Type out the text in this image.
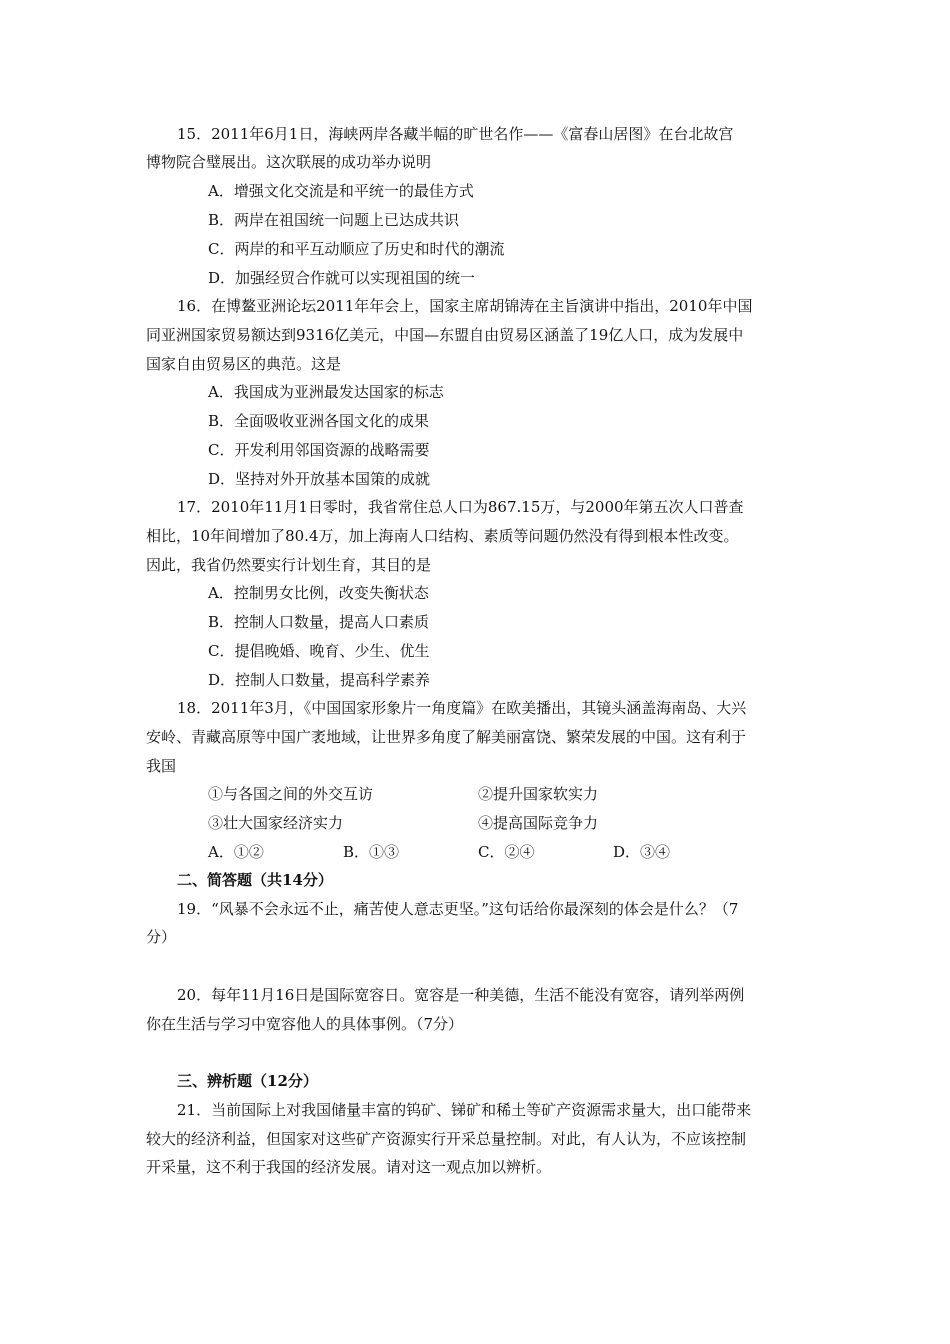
15．2011年6月1日，海峡两岸各藏半幅的旷世名作——《富春山居图》在台北故宫
博物院合璧展出。这次联展的成功举办说明
A．增强文化交流是和平统一的最佳方式
B．两岸在祖国统一问题上已达成共识
C．两岸的和平互动顺应了历史和时代的潮流
D．加强经贸合作就可以实现祖国的统一
16．在博鳌亚洲论坛2011年年会上，国家主席胡锦涛在主旨演讲中指出，2010年中国
同亚洲国家贸易额达到9316亿美元，中国—东盟自由贸易区涵盖了19亿人口，成为发展中
国家自由贸易区的典范。这是
A．我国成为亚洲最发达国家的标志
B．全面吸收亚洲各国文化的成果
C．开发利用邻国资源的战略需要
D．坚持对外开放基本国策的成就
17．2010年11月1日零时，我省常住总人口为867.15万，与2000年第五次人口普查
相比，10年间增加了80.4万，加上海南人口结构、素质等问题仍然没有得到根本性改变。
因此，我省仍然要实行计划生育，其目的是
A．控制男女比例，改变失衡状态
B．控制人口数量，提高人口素质
C．提倡晚婚、晚育、少生、优生
D．控制人口数量，提高科学素养
18．2011年3月，《中国国家形象片一角度篇》在欧美播出，其镜头涵盖海南岛、大兴
安岭、青藏高原等中国广袤地域，让世界多角度了解美丽富饶、繁荣发展的中国。这有利于
我国
①与各国之间的外交互访	②提升国家软实力
③壮大国家经济实力	④提高国际竞争力
A．①②	B．①③	C．②④	D．③④
二、简答题（共14分）
19．“风暴不会永远不止，痛苦使人意志更坚。”这句话给你最深刻的体会是什么？（7
分）
20．每年11月16日是国际宽容日。宽容是一种美德，生活不能没有宽容，请列举两例
你在生活与学习中宽容他人的具体事例。（7分）
三、辨析题（12分）
21．当前国际上对我国储量丰富的钨矿、锑矿和稀土等矿产资源需求量大，出口能带来
较大的经济利益，但国家对这些矿产资源实行开采总量控制。对此，有人认为，不应该控制
开采量，这不利于我国的经济发展。请对这一观点加以辨析。
